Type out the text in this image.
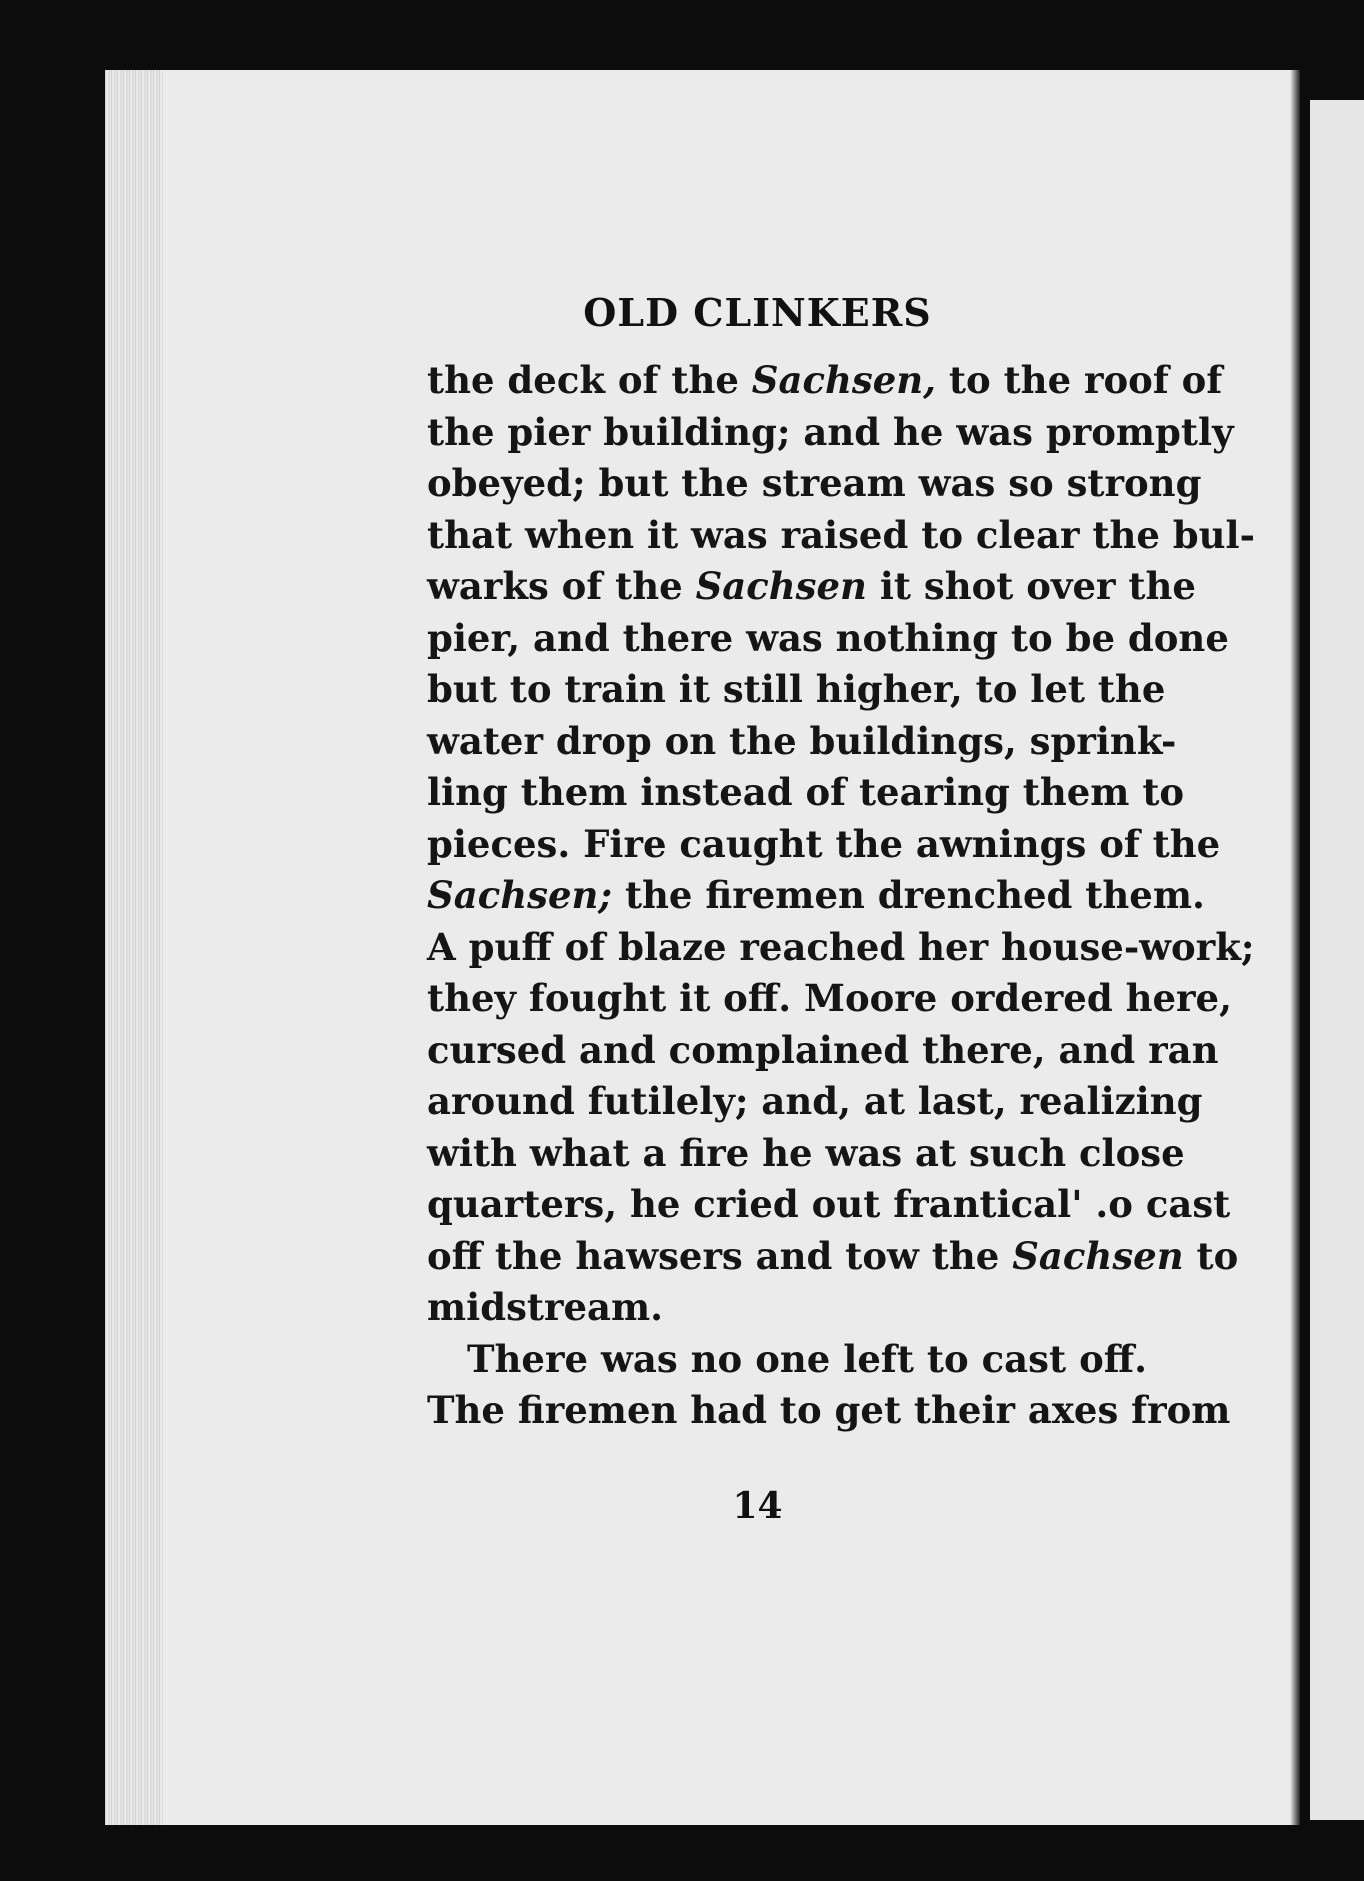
OLD CLINKERS
the deck of the Sachsen, to the roof of
the pier building; and he was promptly
obeyed; but the stream was so strong
that when it was raised to clear the bul-
warks of the Sachsen it shot over the
pier, and there was nothing to be done
but to train it still higher, to let the
water drop on the buildings, sprink-
ling them instead of tearing them to
pieces. Fire caught the awnings of the
Sachsen; the firemen drenched them.
A puff of blaze reached her house-work;
they fought it off. Moore ordered here,
cursed and complained there, and ran
around futilely; and, at last, realizing
with what a fire he was at such close
quarters, he cried out frantical' .o cast
off the hawsers and tow the Sachsen to
midstream.
There was no one left to cast off.
The firemen had to get their axes from
14
